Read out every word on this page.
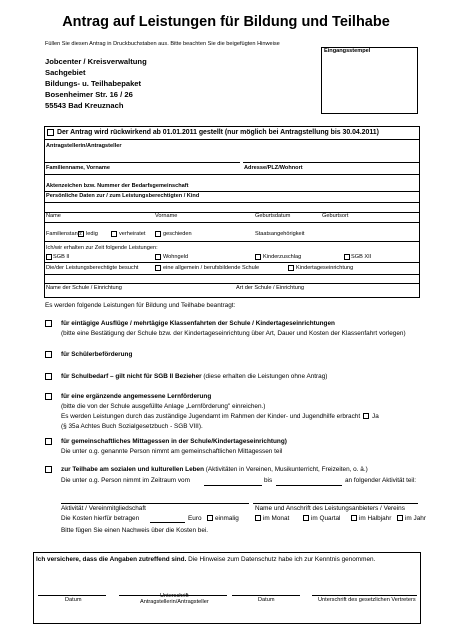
Antrag auf Leistungen für Bildung und Teilhabe
Füllen Sie diesen Antrag in Druckbuchstaben aus. Bitte beachten Sie die beigefügten Hinweise
Eingangsstempel
Jobcenter / Kreisverwaltung
Sachgebiet
Bildungs- u. Teilhabepaket
Bosenheimer Str. 16 / 26
55543 Bad Kreuznach
Der Antrag wird rückwirkend ab 01.01.2011 gestellt (nur möglich bei Antragstellung bis 30.04.2011)
Antragstellerin/Antragsteller
Familienname, Vorname	Adresse/PLZ/Wohnort
Aktenzeichen bzw. Nummer der Bedarfsgemeinschaft
Persönliche Daten zur / zum Leistungsberechtigten / Kind
Name	Vorname	Geburtsdatum	Geburtsort
Familienstand: ledig	verheiratet	geschieden	Staatsangehörigkeit
Ich/wir erhalten zur Zeit folgende Leistungen:
SGB II	Wohngeld	Kinderzuschlag	SGB XII
Die/der Leistungsberechtigte besucht	eine allgemein / berufsbildende Schule	Kindertageseinrichtung
Name der Schule / Einrichtung	Art der Schule / Einrichtung
Es werden folgende Leistungen für Bildung und Teilhabe beantragt:
für eintägige Ausflüge / mehrtägige Klassenfahrten der Schule / Kindertageseinrichtungen
(bitte eine Bestätigung der Schule bzw. der Kindertageseinrichtung über Art, Dauer und Kosten der Klassenfahrt vorlegen)
für Schülerbeförderung
für Schulbedarf – gilt nicht für SGB II Bezieher (diese erhalten die Leistungen ohne Antrag)
für eine ergänzende angemessene Lernförderung
(bitte die von der Schule ausgefüllte Anlage „Lernförderung" einreichen.)
Es werden Leistungen durch das zuständige Jugendamt im Rahmen der Kinder- und Jugendhilfe erbracht Ja
(§ 35a Achtes Buch Sozialgesetzbuch - SGB VIII).
für gemeinschaftliches Mittagessen in der Schule/Kindertageseinrichtung)
Die unter o.g. genannte Person nimmt am gemeinschaftlichen Mittagessen teil
zur Teilhabe am sozialen und kulturellen Leben (Aktivitäten in Vereinen, Musikunterricht, Freizeiten, o. ä.)
Die unter o.g. Person nimmt im Zeitraum vom	bis	an folgender Aktivität teil:
Aktivität / Vereinmitgliedschaft	Name und Anschrift des Leistungsanbieters / Vereins
Die Kosten hierfür betragen	Euro einmalig	im Monat	im Quartal	im Halbjahr im Jahr
Bitte fügen Sie einen Nachweis über die Kosten bei.
Ich versichere, dass die Angaben zutreffend sind. Die Hinweise zum Datenschutz habe ich zur Kenntnis genommen.
Datum
Unterschrift
Antragstellerin/Antragsteller	Datum	Unterschrift des gesetzlichen Vertreters
